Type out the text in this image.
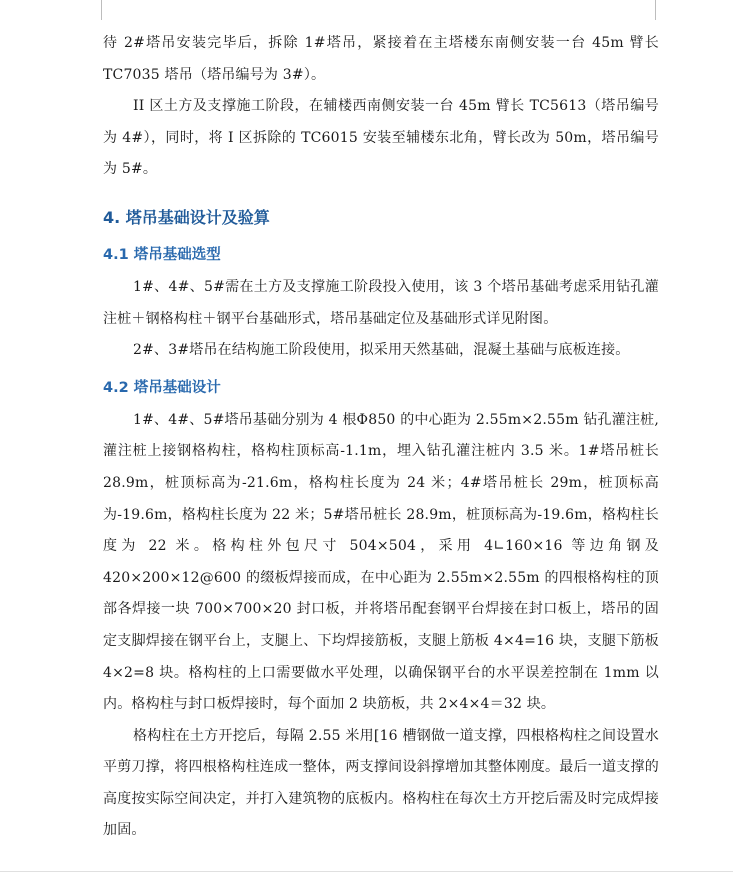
待 2#塔吊安装完毕后，拆除 1#塔吊，紧接着在主塔楼东南侧安装一台 45m 臂长 TC7035 塔吊（塔吊编号为 3#）。

II 区土方及支撑施工阶段，在辅楼西南侧安装一台 45m 臂长 TC5613（塔吊编号为 4#），同时，将 I 区拆除的 TC6015 安装至辅楼东北角，臂长改为 50m，塔吊编号为 5#。

4. 塔吊基础设计及验算
4.1 塔吊基础选型

1#、4#、5#需在土方及支撑施工阶段投入使用，该 3 个塔吊基础考虑采用钻孔灌注桩＋钢格构柱＋钢平台基础形式，塔吊基础定位及基础形式详见附图。

2#、3#塔吊在结构施工阶段使用，拟采用天然基础，混凝土基础与底板连接。

4.2 塔吊基础设计

1#、4#、5#塔吊基础分别为 4 根Φ850 的中心距为 2.55m×2.55m 钻孔灌注桩,灌注桩上接钢格构柱，格构柱顶标高-1.1m，埋入钻孔灌注桩内 3.5 米。1#塔吊桩长 28.9m，桩顶标高为-21.6m，格构柱长度为 24 米；4#塔吊桩长 29m，桩顶标高为-19.6m，格构柱长度为 22 米；5#塔吊桩长 28.9m，桩顶标高为-19.6m，格构柱长度为 22 米。格构柱外包尺寸 504×504，采用 4∟160×16 等边角钢及 420×200×12@600 的缀板焊接而成，在中心距为 2.55m×2.55m 的四根格构柱的顶部各焊接一块 700×700×20 封口板，并将塔吊配套钢平台焊接在封口板上，塔吊的固定支脚焊接在钢平台上，支腿上、下均焊接筋板，支腿上筋板 4×4=16 块，支腿下筋板 4×2=8 块。格构柱的上口需要做水平处理，以确保钢平台的水平误差控制在 1mm 以内。格构柱与封口板焊接时，每个面加 2 块筋板，共 2×4×4＝32 块。

格构柱在土方开挖后，每隔 2.55 米用[16 槽钢做一道支撑，四根格构柱之间设置水平剪刀撑，将四根格构柱连成一整体，两支撑间设斜撑增加其整体刚度。最后一道支撑的高度按实际空间决定，并打入建筑物的底板内。格构柱在每次土方开挖后需及时完成焊接加固。
